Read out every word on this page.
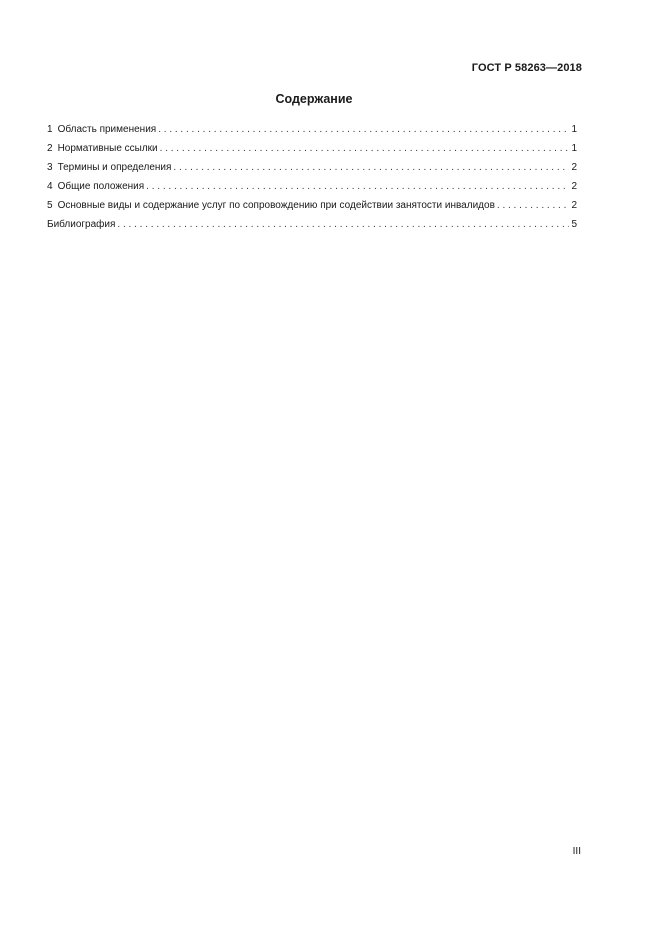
ГОСТ Р 58263—2018
Содержание
1 Область применения . . .	1
2 Нормативные ссылки . . .	1
3 Термины и определения . . .	2
4 Общие положения . . .	2
5 Основные виды и содержание услуг по сопровождению при содействии занятости инвалидов . . .	2
Библиография . . .	5
III
